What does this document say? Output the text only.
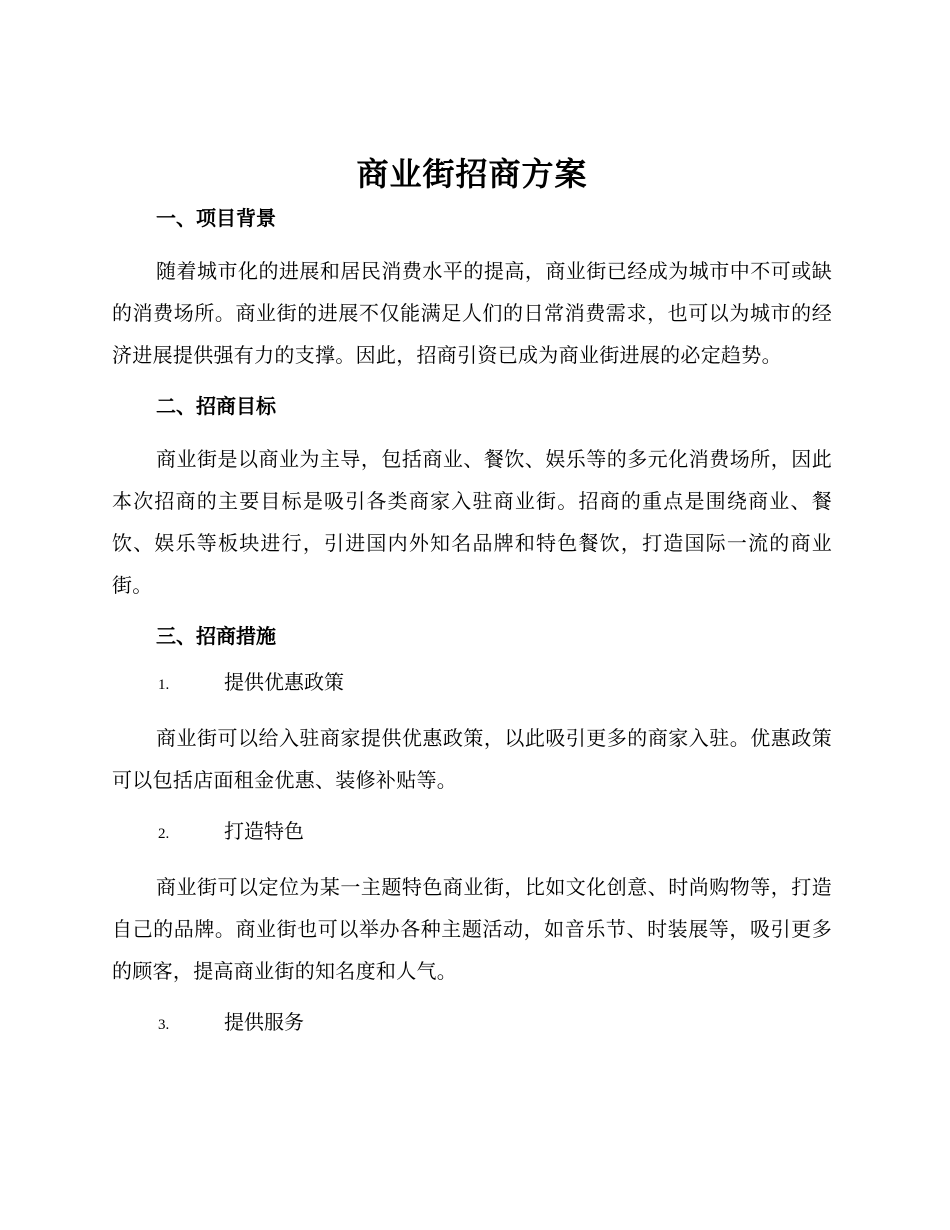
商业街招商方案
一、项目背景

随着城市化的进展和居民消费水平的提高，商业街已经成为城市中不可或缺的消费场所。商业街的进展不仅能满足人们的日常消费需求，也可以为城市的经济进展提供强有力的支撑。因此，招商引资已成为商业街进展的必定趋势。

二、招商目标

商业街是以商业为主导，包括商业、餐饮、娱乐等的多元化消费场所，因此本次招商的主要目标是吸引各类商家入驻商业街。招商的重点是围绕商业、餐饮、娱乐等板块进行，引进国内外知名品牌和特色餐饮，打造国际一流的商业街。

三、招商措施
1.	提供优惠政策

商业街可以给入驻商家提供优惠政策，以此吸引更多的商家入驻。优惠政策可以包括店面租金优惠、装修补贴等。

2.	打造特色

商业街可以定位为某一主题特色商业街，比如文化创意、时尚购物等，打造自己的品牌。商业街也可以举办各种主题活动，如音乐节、时装展等，吸引更多的顾客，提高商业街的知名度和人气。

3.	提供服务
